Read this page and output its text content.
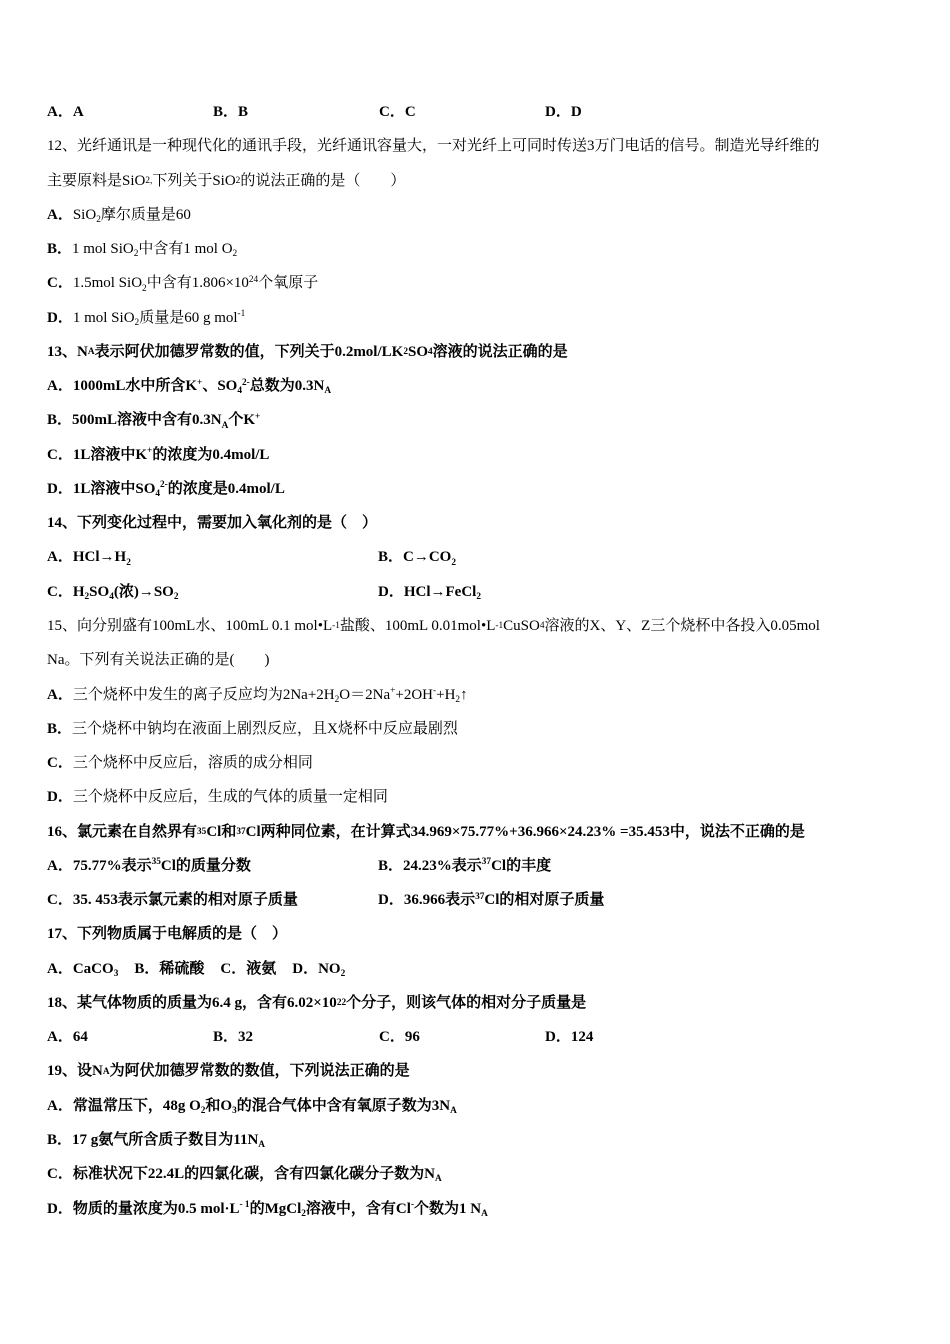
A．A	B．B	C．C	D．D
12、光纤通讯是一种现代化的通讯手段，光纤通讯容量大，一对光纤上可同时传送3万门电话的信号。制造光导纤维的
主要原料是SiO 2, 下列关于SiO 2 的说法正确的是（　　）
A． SiO$_2$摩尔质量是60
B． 1 mol SiO$_2$中含有1 mol $O_2$
C． 1.5mol SiO$_2$中含有$1.806\times 10^{24}$个氧原子
D． 1 mol SiO$_2$质量是60 g mol$^{-1}$
13、N A 表示阿伏加德罗常数的值，下列关于0.2mol/LK 2 SO 4 溶液的说法正确的是
A． 1000mL水中所含K+、$SO_4^{2-}$总数为$0.3N_A$
B． 500mL溶液中含有$0.3N_A$个K+
C． 1L溶液中K+的浓度为0.4mol/L
D． 1L溶液中$SO_4^{2-}$的浓度是0.4mol/L
14、下列变化过程中，需要加入氧化剂的是（　）
A．$HCl\to H_2$	B．$C\to CO_2$
C．$H_2SO_4$(浓)$\to SO_2$	D．HCl→FeCl$_2$
15、向分别盛有100mL水、100mL 0.1 mol•L -1 盐酸、100mL 0.01mol•L -1 CuSO 4 溶液的X、Y、Z三个烧杯中各投入0.05mol
Na。下列有关说法正确的是(　　)
A． 三个烧杯中发生的离子反应均为$2Na+2H_2O=2Na^++2OH^-+H_2↑$
B． 三个烧杯中钠均在液面上剧烈反应，且X烧杯中反应最剧烈
C． 三个烧杯中反应后，溶质的成分相同
D． 三个烧杯中反应后，生成的气体的质量一定相同
16、氯元素在自然界有 35 Cl和 37 Cl两种同位素，在计算式34.969×75.77%+36.966×24.23% =35.453中，说法不正确的是
A．75.77%表示$^{35}$Cl的质量分数	B．24.23%表示$^{37}$Cl的丰度
C．35. 453表示氯元素的相对原子质量	D．36.966表示$^{37}$Cl的相对原子质量
17、下列物质属于电解质的是（　）
A．CaCO$_3$ B．稀硫酸 C．液氨 D．$NO_2$
18、某气体物质的质量为6.4 g，含有6.02×10 22 个分子，则该气体的相对分子质量是
A．64	B．32	C．96	D．124
19、设N A 为阿伏加德罗常数的数值，下列说法正确的是
A． 常温常压下，48g $O_2$和$O_3$的混合气体中含有氧原子数为$3N_A$
B． 17 g氨气所含质子数目为$11N_A$
C． 标准状况下22.4L的四氯化碳，含有四氯化碳分子数为$N_A$
D． 物质的量浓度为0.5 $mol\cdot L^{- 1}$的MgCl$_2$溶液中，含有Cl-个数为1 $N_A$
